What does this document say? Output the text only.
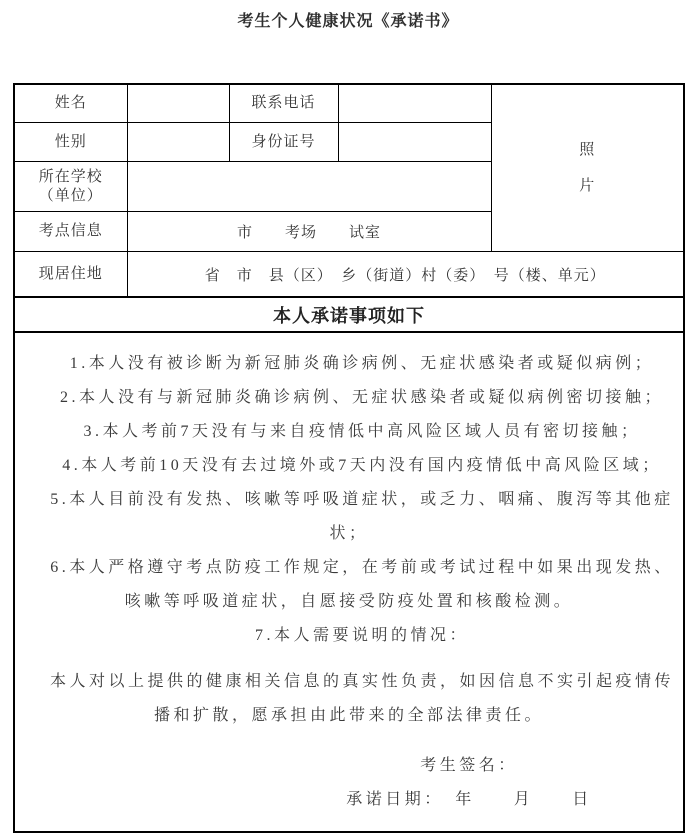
考生个人健康状况《承诺书》
姓名		联系电话		照
片

性别		身份证号		

所在学校
（单位）				

考点信息	市　　考场　　试室			
现居住地	省　市　县（区）　乡（街道）村（委）　号（楼、单元）			
本人承诺事项如下				

1.本人没有被诊断为新冠肺炎确诊病例、无症状感染者或疑似病例；

2.本人没有与新冠肺炎确诊病例、无症状感染者或疑似病例密切接触；

3.本人考前7天没有与来自疫情低中高风险区域人员有密切接触；

4.本人考前10天没有去过境外或7天内没有国内疫情低中高风险区域；

5.本人目前没有发热、咳嗽等呼吸道症状，或乏力、咽痛、腹泻等其他症状；

6.本人严格遵守考点防疫工作规定，在考前或考试过程中如果出现发热、咳嗽等呼吸道症状，自愿接受防疫处置和核酸检测。

7.本人需要说明的情况：

本人对以上提供的健康相关信息的真实性负责，如因信息不实引起疫情传播和扩散，愿承担由此带来的全部法律责任。

考生签名：

承诺日期：　年　　月　　日
